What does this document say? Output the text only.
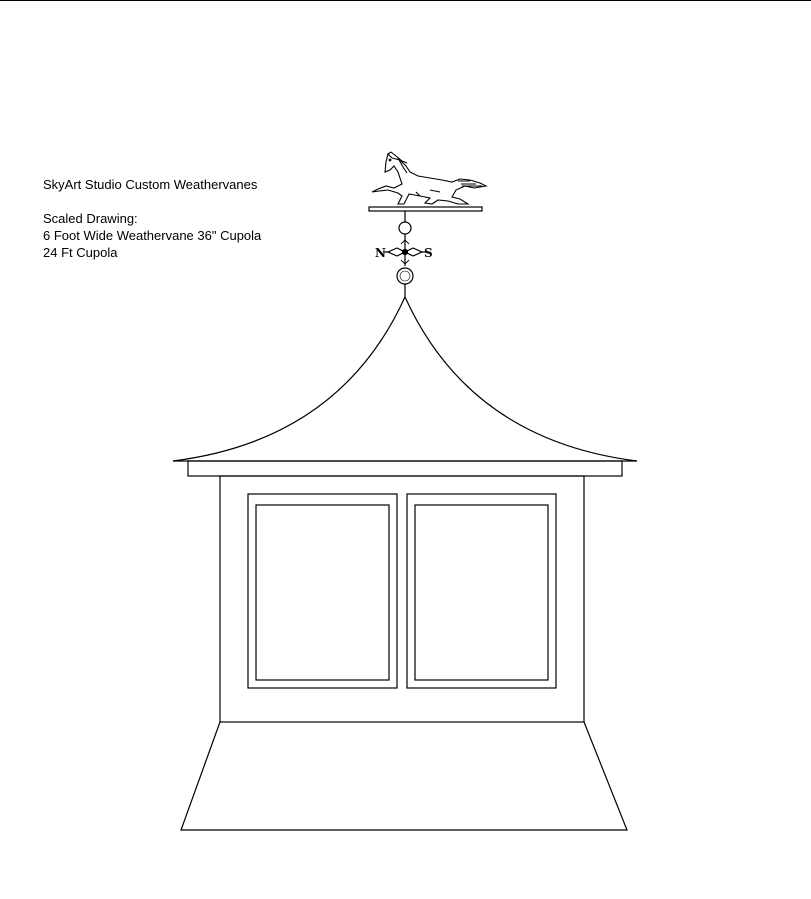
SkyArt Studio Custom Weathervanes
Scaled Drawing:
6 Foot Wide Weathervane 36" Cupola
24 Ft Cupola	N	S
